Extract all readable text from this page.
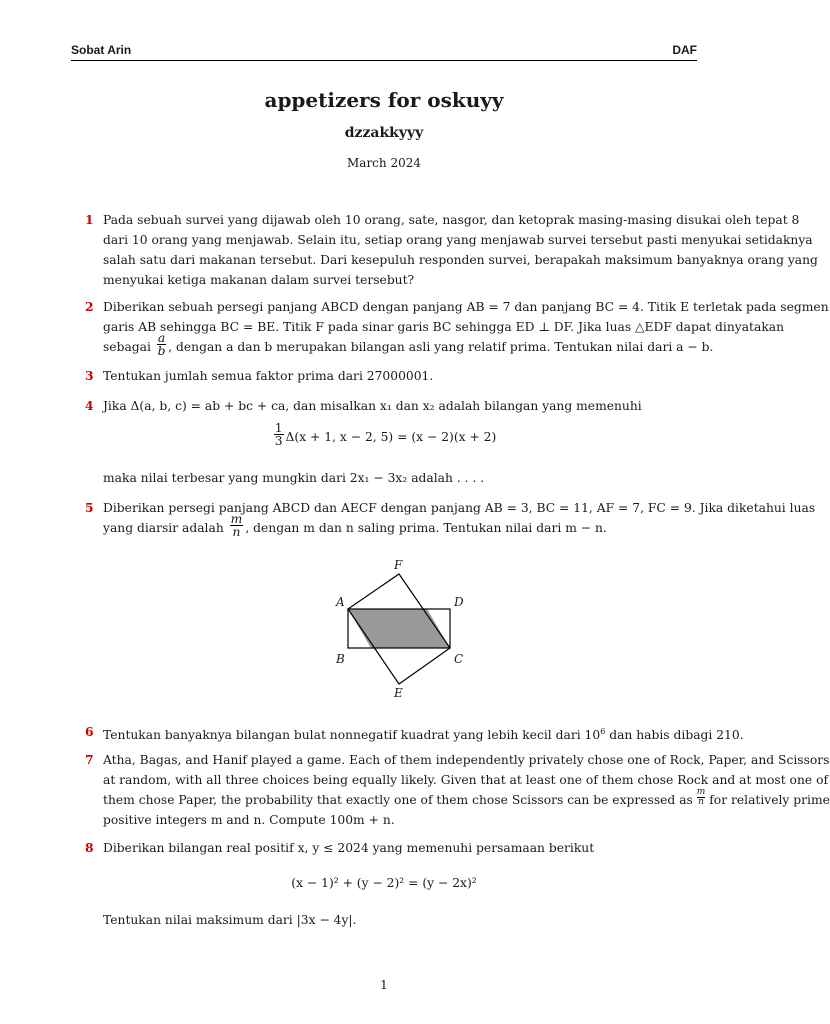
Sobat Arin	DAF
appetizers for oskuyy
dzzakkyyy
March 2024
1 Pada sebuah survei yang dijawab oleh 10 orang, sate, nasgor, dan ketoprak masing-masing disukai oleh tepat 8
dari 10 orang yang menjawab. Selain itu, setiap orang yang menjawab survei tersebut pasti menyukai setidaknya
salah satu dari makanan tersebut. Dari kesepuluh responden survei, berapakah maksimum banyaknya orang yang
menyukai ketiga makanan dalam survei tersebut?
2 Diberikan sebuah persegi panjang ABCD dengan panjang AB = 7 dan panjang BC = 4. Titik E terletak pada segmen
garis AB sehingga BC = BE. Titik F pada sinar garis BC sehingga ED ⊥ DF. Jika luas △EDF dapat dinyatakan
sebagai $\frac{a}{b}$ , dengan a dan b merupakan bilangan asli yang relatif prima. Tentukan nilai dari a − b.
3 Tentukan jumlah semua faktor prima dari 27000001.
4 Jika Δ(a, b, c) = ab + bc + ca, dan misalkan x₁ dan x₂ adalah bilangan yang memenuhi
$\frac{1}{3} \Delta(x + 1$, x − 2, 5) = (x − 2)(x + 2)
maka nilai terbesar yang mungkin dari 2x₁ − 3x₂ adalah . . . .
5 Diberikan persegi panjang ABCD dan AECF dengan panjang AB = 3, BC = 11, AF = 7, FC = 9. Jika diketahui luas
yang diarsir adalah $\frac{m}{n}$ , dengan m dan n saling prima. Tentukan nilai dari m − n.
F
A	D
B	C
E
6 Tentukan banyaknya bilangan bulat nonnegatif kuadrat yang lebih kecil dari $10^6$ dan habis dibagi 210.
7 Atha, Bagas, and Hanif played a game. Each of them independently privately chose one of Rock, Paper, and Scissors
at random, with all three choices being equally likely. Given that at least one of them chose Rock and at most one of
them chose Paper, the probability that exactly one of them chose Scissors can be expressed as $\frac{m}{n}$ for relatively prime
positive integers m and n. Compute 100m + n.
8 Diberikan bilangan real positif x, y ≤ 2024 yang memenuhi persamaan berikut
(x − 1)² + (y − 2)² = (y − 2x)²
Tentukan nilai maksimum dari |3x − 4y|.
1
